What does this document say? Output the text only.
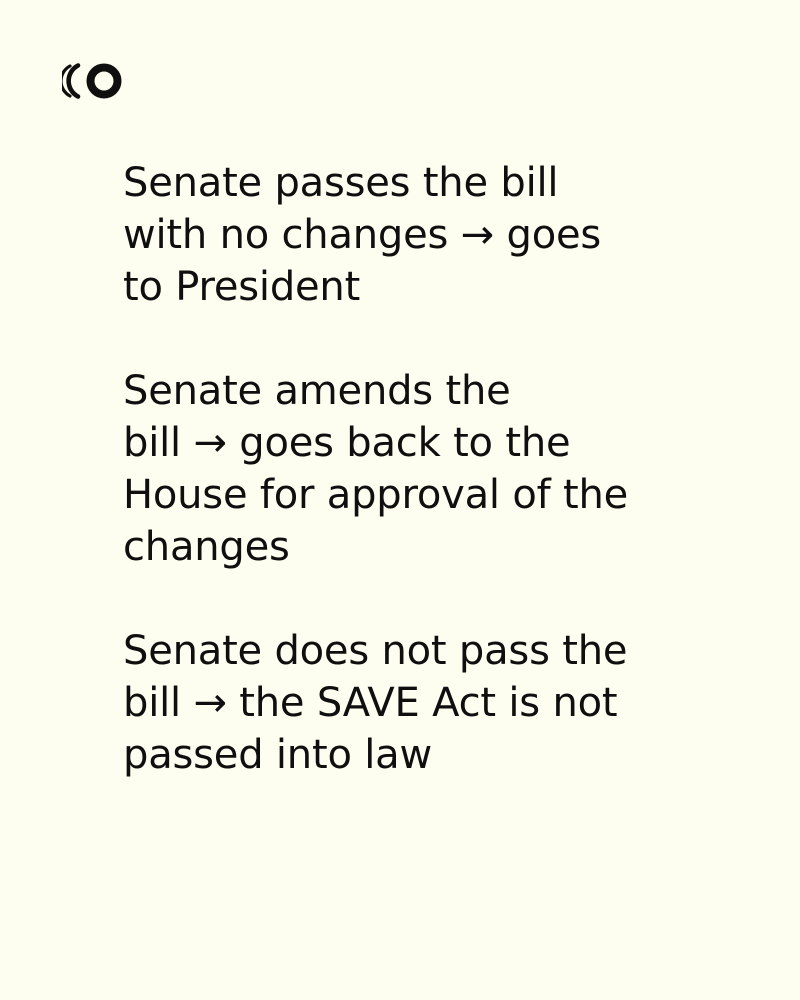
Senate passes the bill
with no changes → goes
to President

Senate amends the
bill → goes back to the
House for approval of the
changes

Senate does not pass the
bill → the SAVE Act is not
passed into law
